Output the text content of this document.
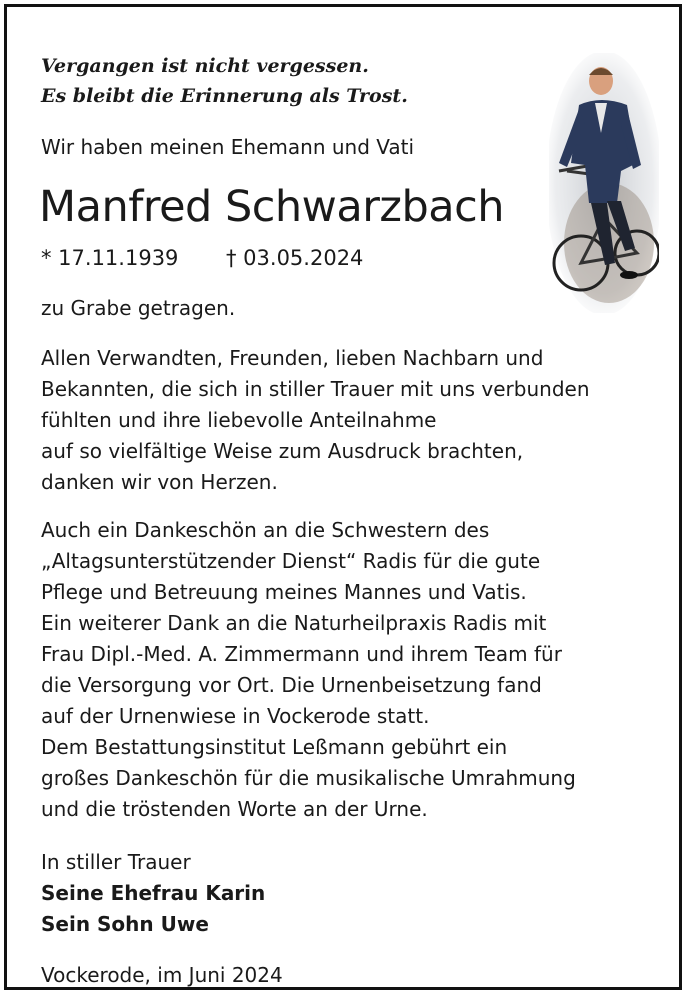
Vergangen ist nicht vergessen.
Es bleibt die Erinnerung als Trost.
Wir haben meinen Ehemann und Vati
Manfred Schwarzbach
* 17.11.1939 † 03.05.2024
zu Grabe getragen.
Allen Verwandten, Freunden, lieben Nachbarn und
Bekannten, die sich in stiller Trauer mit uns verbunden
fühlten und ihre liebevolle Anteilnahme
auf so vielfältige Weise zum Ausdruck brachten,
danken wir von Herzen.
Auch ein Dankeschön an die Schwestern des
„Altagsunterstützender Dienst“ Radis für die gute
Pflege und Betreuung meines Mannes und Vatis.
Ein weiterer Dank an die Naturheilpraxis Radis mit
Frau Dipl.-Med. A. Zimmermann und ihrem Team für
die Versorgung vor Ort. Die Urnenbeisetzung fand
auf der Urnenwiese in Vockerode statt.
Dem Bestattungsinstitut Leßmann gebührt ein
großes Dankeschön für die musikalische Umrahmung
und die tröstenden Worte an der Urne.
In stiller Trauer
Seine Ehefrau Karin
Sein Sohn Uwe
Vockerode, im Juni 2024
